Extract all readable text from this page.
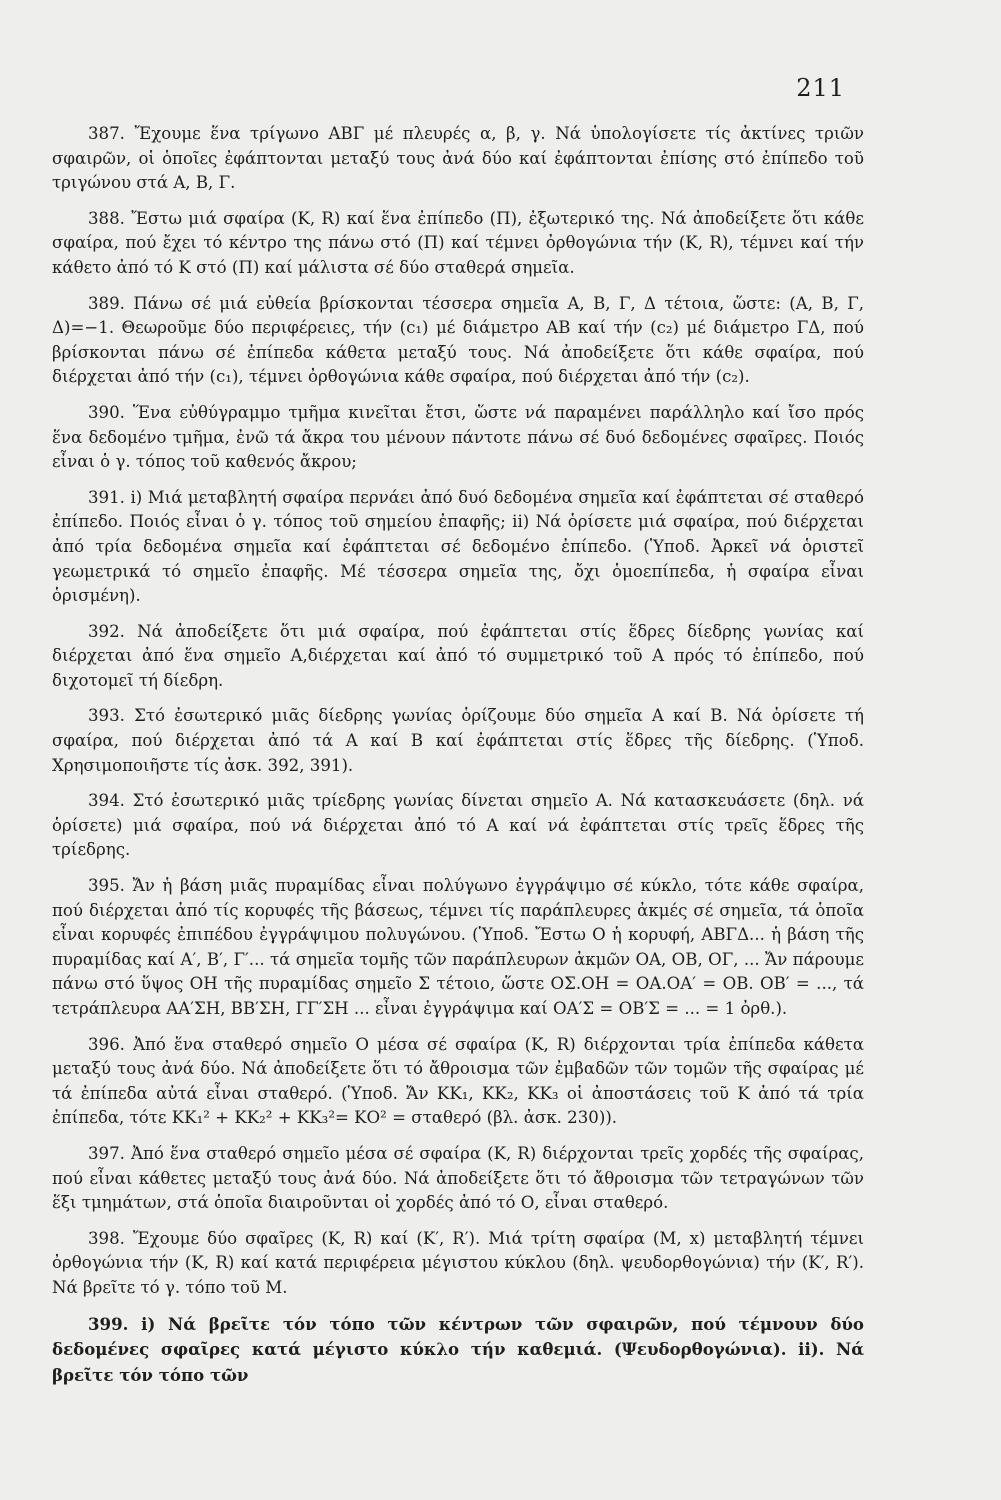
211

387. Ἔχουμε ἕνα τρίγωνο ΑΒΓ μέ πλευρές α, β, γ. Νά ὑπολογίσετε τίς ἀκτίνες τριῶν σφαιρῶν, οἱ ὁποῖες ἐφάπτονται μεταξύ τους ἀνά δύο καί ἐφάπτονται ἐπίσης στό ἐπίπεδο τοῦ τριγώνου στά Α, Β, Γ.

388. Ἔστω μιά σφαίρα (Κ, R) καί ἕνα ἐπίπεδο (Π), ἐξωτερικό της. Νά ἀποδείξετε ὅτι κάθε σφαίρα, πού ἔχει τό κέντρο της πάνω στό (Π) καί τέμνει ὀρθογώνια τήν (Κ, R), τέμνει καί τήν κάθετο ἀπό τό Κ στό (Π) καί μάλιστα σέ δύο σταθερά σημεῖα.

389. Πάνω σέ μιά εὐθεία βρίσκονται τέσσερα σημεῖα Α, Β, Γ, Δ τέτοια, ὥστε: (Α, Β, Γ, Δ)=−1. Θεωροῦμε δύο περιφέρειες, τήν (c₁) μέ διάμετρο ΑΒ καί τήν (c₂) μέ διάμετρο ΓΔ, πού βρίσκονται πάνω σέ ἐπίπεδα κάθετα μεταξύ τους. Νά ἀποδείξετε ὅτι κάθε σφαίρα, πού διέρχεται ἀπό τήν (c₁), τέμνει ὀρθογώνια κάθε σφαίρα, πού διέρχεται ἀπό τήν (c₂).

390. Ἕνα εὐθύγραμμο τμῆμα κινεῖται ἔτσι, ὥστε νά παραμένει παράλληλο καί ἴσο πρός ἕνα δεδομένο τμῆμα, ἐνῶ τά ἄκρα του μένουν πάντοτε πάνω σέ δυό δεδομένες σφαῖρες. Ποιός εἶναι ὁ γ. τόπος τοῦ καθενός ἄκρου;

391. i) Μιά μεταβλητή σφαίρα περνάει ἀπό δυό δεδομένα σημεῖα καί ἐφάπτεται σέ σταθερό ἐπίπεδο. Ποιός εἶναι ὁ γ. τόπος τοῦ σημείου ἐπαφῆς; ii) Νά ὁρίσετε μιά σφαίρα, πού διέρχεται ἀπό τρία δεδομένα σημεῖα καί ἐφάπτεται σέ δεδομένο ἐπίπεδο. (Ὑποδ. Ἀρκεῖ νά ὁριστεῖ γεωμετρικά τό σημεῖο ἐπαφῆς. Μέ τέσσερα σημεῖα της, ὄχι ὁμοεπίπεδα, ἡ σφαίρα εἶναι ὁρισμένη).

392. Νά ἀποδείξετε ὅτι μιά σφαίρα, πού ἐφάπτεται στίς ἕδρες δίεδρης γωνίας καί διέρχεται ἀπό ἕνα σημεῖο Α,διέρχεται καί ἀπό τό συμμετρικό τοῦ Α πρός τό ἐπίπεδο, πού διχοτομεῖ τή δίεδρη.

393. Στό ἐσωτερικό μιᾶς δίεδρης γωνίας ὁρίζουμε δύο σημεῖα Α καί Β. Νά ὁρίσετε τή σφαίρα, πού διέρχεται ἀπό τά Α καί Β καί ἐφάπτεται στίς ἕδρες τῆς δίεδρης. (Ὑποδ. Χρησιμοποιῆστε τίς ἀσκ. 392, 391).

394. Στό ἐσωτερικό μιᾶς τρίεδρης γωνίας δίνεται σημεῖο Α. Νά κατασκευάσετε (δηλ. νά ὁρίσετε) μιά σφαίρα, πού νά διέρχεται ἀπό τό Α καί νά ἐφάπτεται στίς τρεῖς ἕδρες τῆς τρίεδρης.

395. Ἄν ἡ βάση μιᾶς πυραμίδας εἶναι πολύγωνο ἐγγράψιμο σέ κύκλο, τότε κάθε σφαίρα, πού διέρχεται ἀπό τίς κορυφές τῆς βάσεως, τέμνει τίς παράπλευρες ἀκμές σέ σημεῖα, τά ὁποῖα εἶναι κορυφές ἐπιπέδου ἐγγράψιμου πολυγώνου. (Ὑποδ. Ἔστω Ο ἡ κορυφή, ΑΒΓΔ... ἡ βάση τῆς πυραμίδας καί Α′, Β′, Γ′... τά σημεῖα τομῆς τῶν παράπλευρων ἀκμῶν ΟΑ, ΟΒ, ΟΓ, ... Ἄν πάρουμε πάνω στό ὕψος ΟΗ τῆς πυραμίδας σημεῖο Σ τέτοιο, ὥστε ΟΣ.ΟΗ = ΟΑ.ΟΑ′ = ΟΒ. ΟΒ′ = ..., τά τετράπλευρα ΑΑ′ΣΗ, ΒΒ′ΣΗ, ΓΓ′ΣΗ ... εἶναι ἐγγράψιμα καί ΟΑ′Σ = ΟΒ′Σ = ... = 1 ὀρθ.).

396. Ἀπό ἕνα σταθερό σημεῖο Ο μέσα σέ σφαίρα (Κ, R) διέρχονται τρία ἐπίπεδα κάθετα μεταξύ τους ἀνά δύο. Νά ἀποδείξετε ὅτι τό ἄθροισμα τῶν ἐμβαδῶν τῶν τομῶν τῆς σφαίρας μέ τά ἐπίπεδα αὐτά εἶναι σταθερό. (Ὑποδ. Ἄν ΚΚ₁, ΚΚ₂, ΚΚ₃ οἱ ἀποστάσεις τοῦ Κ ἀπό τά τρία ἐπίπεδα, τότε ΚΚ₁² + ΚΚ₂² + ΚΚ₃²= ΚΟ² = σταθερό (βλ. ἀσκ. 230)).

397. Ἀπό ἕνα σταθερό σημεῖο μέσα σέ σφαίρα (Κ, R) διέρχονται τρεῖς χορδές τῆς σφαίρας, πού εἶναι κάθετες μεταξύ τους ἀνά δύο. Νά ἀποδείξετε ὅτι τό ἄθροισμα τῶν τετραγώνων τῶν ἕξι τμημάτων, στά ὁποῖα διαιροῦνται οἱ χορδές ἀπό τό Ο, εἶναι σταθερό.

398. Ἔχουμε δύο σφαῖρες (Κ, R) καί (Κ′, R′). Μιά τρίτη σφαίρα (Μ, x) μεταβλητή τέμνει ὀρθογώνια τήν (Κ, R) καί κατά περιφέρεια μέγιστου κύκλου (δηλ. ψευδορθογώνια) τήν (Κ′, R′). Νά βρεῖτε τό γ. τόπο τοῦ Μ.

399. i) Νά βρεῖτε τόν τόπο τῶν κέντρων τῶν σφαιρῶν, πού τέμνουν δύο δεδομένες σφαῖρες κατά μέγιστο κύκλο τήν καθεμιά. (Ψευδορθογώνια). ii). Νά βρεῖτε τόν τόπο τῶν
